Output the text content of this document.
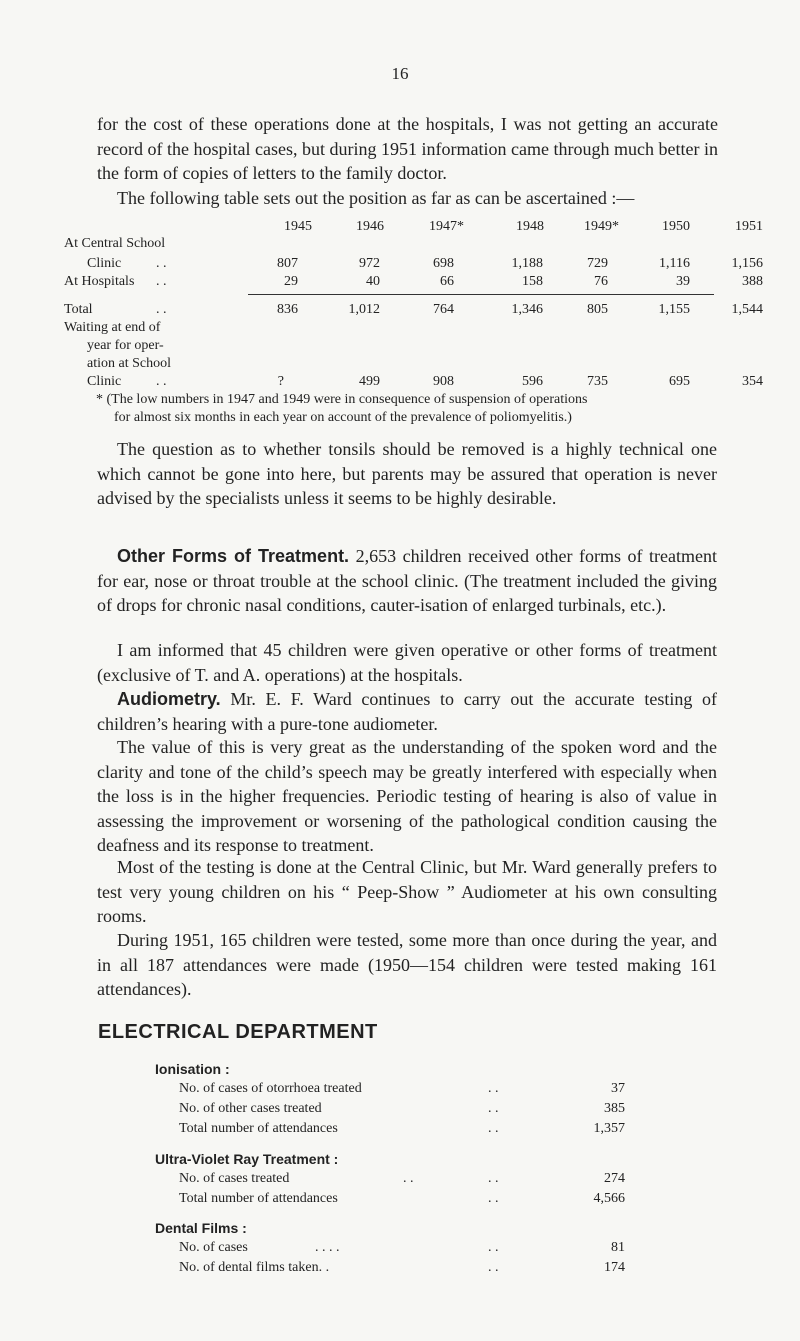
16
for the cost of these operations done at the hospitals, I was not getting an accurate record of the hospital cases, but during 1951 information came through much better in the form of copies of letters to the family doctor.
The following table sets out the position as far as can be ascertained :—
1945	1946	1947*	1948	1949*	1950	1951
At Central School
Clinic . .	807	972	698	1,188	729	1,116	1,156
At Hospitals . .	29	40	66	158	76	39	388
Total	. .	836	1,012	764	1,346	805	1,155	1,544
Waiting at end of
year for oper-
ation at School
Clinic . .	?	499	908	596	735	695	354
* (The low numbers in 1947 and 1949 were in consequence of suspension of operations
for almost six months in each year on account of the prevalence of poliomyelitis.)
The question as to whether tonsils should be removed is a highly technical one which cannot be gone into here, but parents may be assured that operation is never advised by the specialists unless it seems to be highly desirable.
Other Forms of Treatment. 2,653 children received other forms of treatment for ear, nose or throat trouble at the school clinic. (The treatment included the giving of drops for chronic nasal conditions, cauter-isation of enlarged turbinals, etc.).
I am informed that 45 children were given operative or other forms of treatment (exclusive of T. and A. operations) at the hospitals.
Audiometry. Mr. E. F. Ward continues to carry out the accurate testing of children’s hearing with a pure-tone audiometer.
The value of this is very great as the understanding of the spoken word and the clarity and tone of the child’s speech may be greatly interfered with especially when the loss is in the higher frequencies. Periodic testing of hearing is also of value in assessing the improvement or worsening of the pathological condition causing the deafness and its response to treatment.
Most of the testing is done at the Central Clinic, but Mr. Ward generally prefers to test very young children on his “ Peep-Show ” Audiometer at his own consulting rooms.
During 1951, 165 children were tested, some more than once during the year, and in all 187 attendances were made (1950—154 children were tested making 161 attendances).
ELECTRICAL DEPARTMENT
Ionisation :
No. of cases of otorrhoea treated	. .	37
No. of other cases treated	. .	385
Total number of attendances	. .	1,357
Ultra-Violet Ray Treatment :
No. of cases treated	. .	. .	274
Total number of attendances	. .	4,566
Dental Films :
No. of cases	. . . .	. .	81
No. of dental films taken. .	. .	174
